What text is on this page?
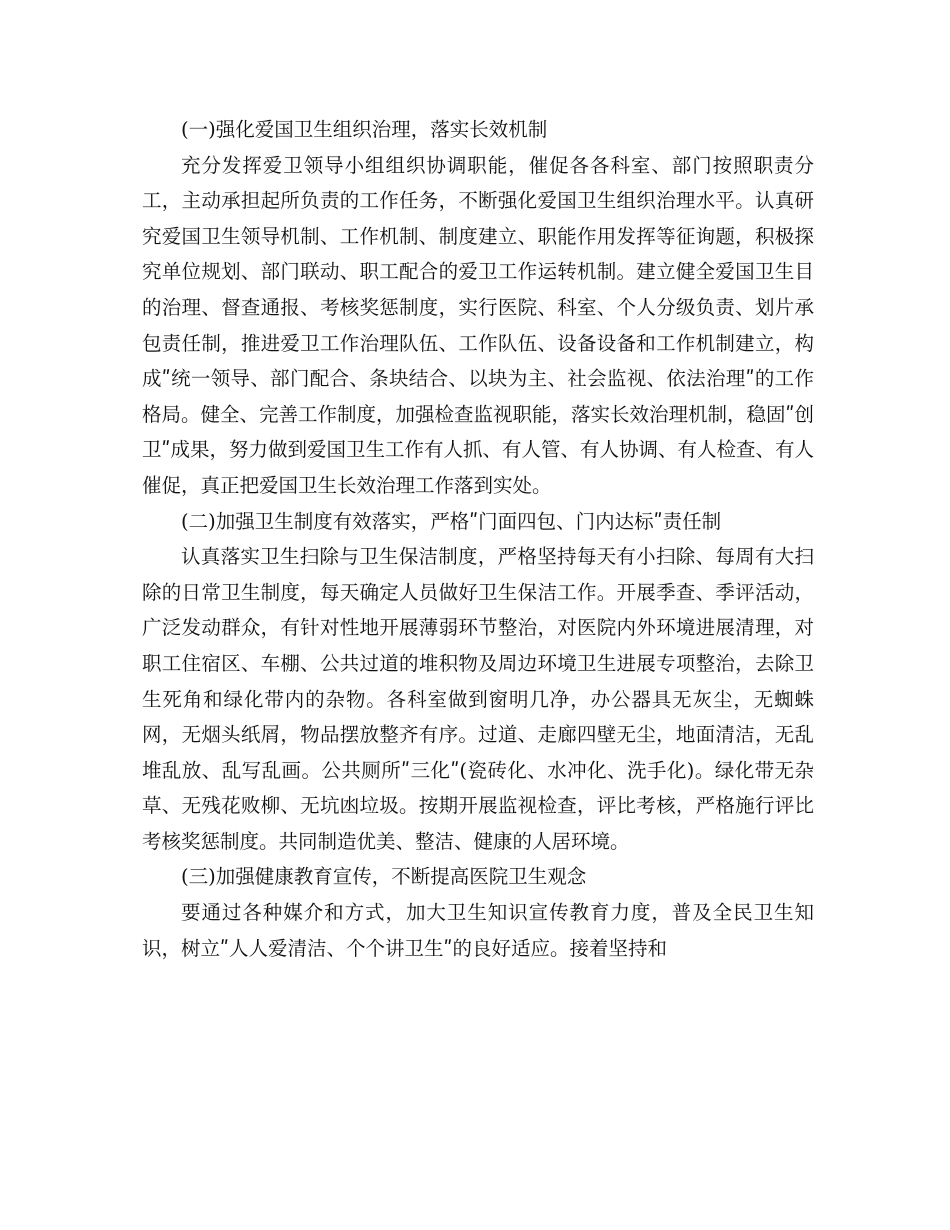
(一)强化爱国卫生组织治理，落实长效机制

充分发挥爱卫领导小组组织协调职能，催促各各科室、部门按照职责分工，主动承担起所负责的工作任务，不断强化爱国卫生组织治理水平。认真研究爱国卫生领导机制、工作机制、制度建立、职能作用发挥等征询题，积极探究单位规划、部门联动、职工配合的爱卫工作运转机制。建立健全爱国卫生目的治理、督查通报、考核奖惩制度，实行医院、科室、个人分级负责、划片承包责任制，推进爱卫工作治理队伍、工作队伍、设备设备和工作机制建立，构成ʺ统一领导、部门配合、条块结合、以块为主、社会监视、依法治理ʺ的工作格局。健全、完善工作制度，加强检查监视职能，落实长效治理机制，稳固ʺ创卫ʺ成果，努力做到爱国卫生工作有人抓、有人管、有人协调、有人检查、有人催促，真正把爱国卫生长效治理工作落到实处。

(二)加强卫生制度有效落实，严格ʺ门面四包、门内达标ʺ责任制

认真落实卫生扫除与卫生保洁制度，严格坚持每天有小扫除、每周有大扫除的日常卫生制度，每天确定人员做好卫生保洁工作。开展季查、季评活动，广泛发动群众，有针对性地开展薄弱环节整治，对医院内外环境进展清理，对职工住宿区、车棚、公共过道的堆积物及周边环境卫生进展专项整治，去除卫生死角和绿化带内的杂物。各科室做到窗明几净，办公器具无灰尘，无蜘蛛网，无烟头纸屑，物品摆放整齐有序。过道、走廊四壁无尘，地面清洁，无乱堆乱放、乱写乱画。公共厕所ʺ三化ʺ(瓷砖化、水冲化、洗手化)。绿化带无杂草、无残花败柳、无坑凼垃圾。按期开展监视检查，评比考核，严格施行评比考核奖惩制度。共同制造优美、整洁、健康的人居环境。

(三)加强健康教育宣传，不断提高医院卫生观念

要通过各种媒介和方式，加大卫生知识宣传教育力度，普及全民卫生知识，树立ʺ人人爱清洁、个个讲卫生ʺ的良好适应。接着坚持和
